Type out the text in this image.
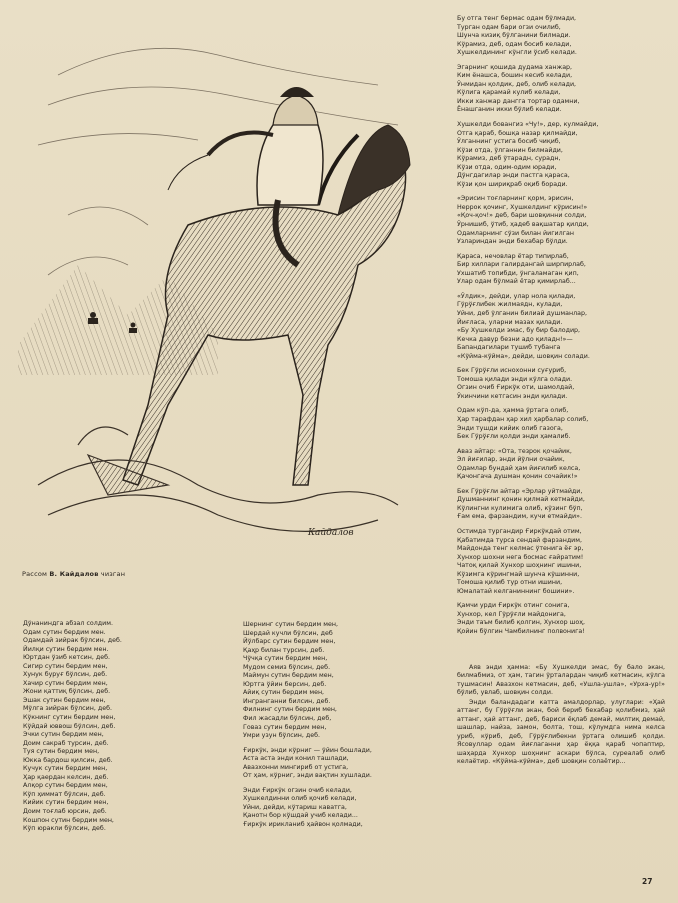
Кайдалов
Рассом В. Кайдалов чизган
Дўнаниндга абзал солдим.
Одам сутин бердим мен.
Одамдай зийрак бўлсин, деб.
Йилқи сутин бердим мен.
Юртдан ўзиб кетсин, деб.
Сигир сутин бердим мен,
Хунук буруғ бўлсин, деб.
Хачир сутин бердим мен,
Жони қаттиқ бўлсин, деб.
Эшак сутин бердим мен,
Мўлга зийрак бўлсин, деб.
Кўкнинг сутин бердим мен,
Кўйдай юввош бўлсин, деб.
Эчки сутин бердим мен,
Доим сакраб турсин, деб.
Туя сутин бердим мен,
Юкка бардош қилсин, деб.
Кучук сутин бердим мен,
Ҳар қаердан келсин, деб.
Алқор сутин бердим мен,
Кўп ҳиммат бўлсин, деб.
Кийик сутин бердим мен,
Доим тоғлаб юрсин, деб.
Кошпон сутин бердим мен,
Кўп юракли бўлсин, деб.
Шернинг сутин бердим мен,
Шердай кучли бўлсин, деб
Йўлбарс сутин бердим мен,
Қаҳр билан турсин, деб.
Чўчқа сутин бердим мен,
Мудом семиз бўлсин, деб.
Маймун сутин бердим мен,
Юртга ўйин берсин, деб.
Айиқ сутин бердим мен,
Ингранганни билсин, деб.
Филнинг сутин бердим мен,
Фил жасадли бўлсин, деб,
Говаз сутин бердим мен,
Умри узун бўлсин, деб.
Ғиркўк, энди кўрниг — ўйин бошлади,
Аста аста энди конил ташлади,
Авазхонни мингириб от устига,
От ҳам, кўрниг, энди вақтин хушлади.
Энди Ғиркўк огзин очиб келади,
Хушкелдинни олиб қочиб келади,
Уйни, дейди, кўтариш каватга,
Қанотн бор кўшдай учиб келади...
Ғиркўк ирикланиб ҳайвон қолмади,
Бу отга тенг бермас одам бўлмади,
Турган одам бари огзи очилиб,
Шунча кизиқ бўлганини билмади.
Кўрамиз, деб, одам босиб келади,
Хушкелдининг кўнгли ўсиб келади.
Эгарнинг қошида дудама ханжар,
Ким ёнашса, бошин кесиб келади,
Ўнмидан қолдик, деб, олиб келади,
Кўлига қарамай кулиб келади,
Икки ханжар дангга тортар одамни,
Ёнашганин икки бўлиб келади.
Хушкелди бовангиз «Чу!», дер, кулмайди,
Отга қараб, бошқа назар қилмайди,
Ўлганнинг устига босиб чиқиб,
Кўзи отда, ўлганнин билмайди,
Кўрамиз, деб ўтарадн, сурадн,
Кўзи отда, одим-одим юради,
Дўнгдагилар энди пастга қараса,
Кўзи қон шириқраб оқиб боради.
«Эрисин тоғларнинг қорм, эрисин,
Неррок қочинг, Хушкелдинг кўрисин!»
«Қоч-қоч!» деб, бари шовқинни солди,
Ўрнишиб, ўтиб, ҳадеб вақшатар қилди,
Одамларнинг сўзи билан йигилган
Узлариндан энди бехабар бўлди.
Қараса, нечовлар ётар типирлаб,
Бир хиллари галирдангай ширпирлаб,
Ухшатиб топибди, ўнгаламаган қип,
Улар одам бўлмай ётар қимирлаб...
«Ўлдик», дейди, улар нола қилади,
Гўрўғлибек жилмаядн, кулади,
Уйни, деб ўлганин билиай душманлар,
Йиғласа, уларни мазах қилади.
«Бу Хушкелди эмас, бу бир балодир,
Кечка давур безни адо қиладн!»—
Бапандагилари тушиб тубанга
«Кўйма-кўйма», дейди, шовқин солади.
Бек Гўрўғли иснохонни суғуриб,
Томоша қилади энди кўлга олади.
Огзин очиб Ғиркўк оти, шамолдай,
Ўкинчини кетгасин энди қилади.
Одам кўп-да, ҳамма ўртага олиб,
Ҳар тарафдан ҳар хил ҳарбалар солиб,
Энди тушди кийик олиб газога,
Бек Гўрўғли қолди энди ҳамалиб.
Аваз айтар: «Ота, тезрок қочайик,
Эл йиғилар, энди йўлни очайик,
Одамлар бундай ҳам йиғилиб келса,
Қачонгача душман қонин сочайик!»
Бек Гўрўғли айтар «Эрлар уйтмайди,
Душманнинг қонин қилмай кетмайди,
Кўлингни кулимига олиб, кўзинг бўп,
Ғам ема, фарзандим, кучи етмайди».
Остимда тургандир Ғиркўкдай отим,
Қабатимда турса сендай фарзандим,
Майдонда тенг келмас ўтенига ёғ эр,
Хунхор шохни нега босмас ғайратим!
Чатоқ қилай Хунхор шоҳнинг ишини,
Кўзимга кўрингмай шунча кўшинни,
Томоша қилиб тур отни ишини,
Юмалатай келганиннинг бошини».
Қамчи урди Ғиркўк отинг сонига,
Хунхор, кел Гўрўғли майдонига,
Энди таъм билиб қолгин, Хунхор шоҳ,
Қойин бўлгин Чамбилнинг полвонига!

Аяв энди ҳамма: «Бу Хушкелди эмас, бу бало экан, билмабмиз, от ҳам, тагин ўрталардан чиқиб кетмасин, кўлга тушмасин! Авазхон кетмасин, деб, «Ушла-ушла», «Урха-ур!» бўлиб, увлаб, шовқин солди.

Энди баландадаги катта амалдорлар, улуглари: «Ҳай аттанг, бу Гўрўғли экан, бой бериб бехабар қолибмиз, ҳай аттанг, ҳай аттанг, деб, бариси ёқлаб демай, милтиқ демай, шашлар, найза, замон, болта, тош, кўлумдга нима келса уриб, кўриб, деб, Гўрўғлибекни ўртага олишиб қолди. Ясовуллар одам йиғлаганни ҳар ёққа қараб чопаптир, шаҳарда Хунхор шоҳнинг аскари бўлса, суреалаб олиб келаётир. «Кўйма-кўйма», деб шовқин солаётир...

27
